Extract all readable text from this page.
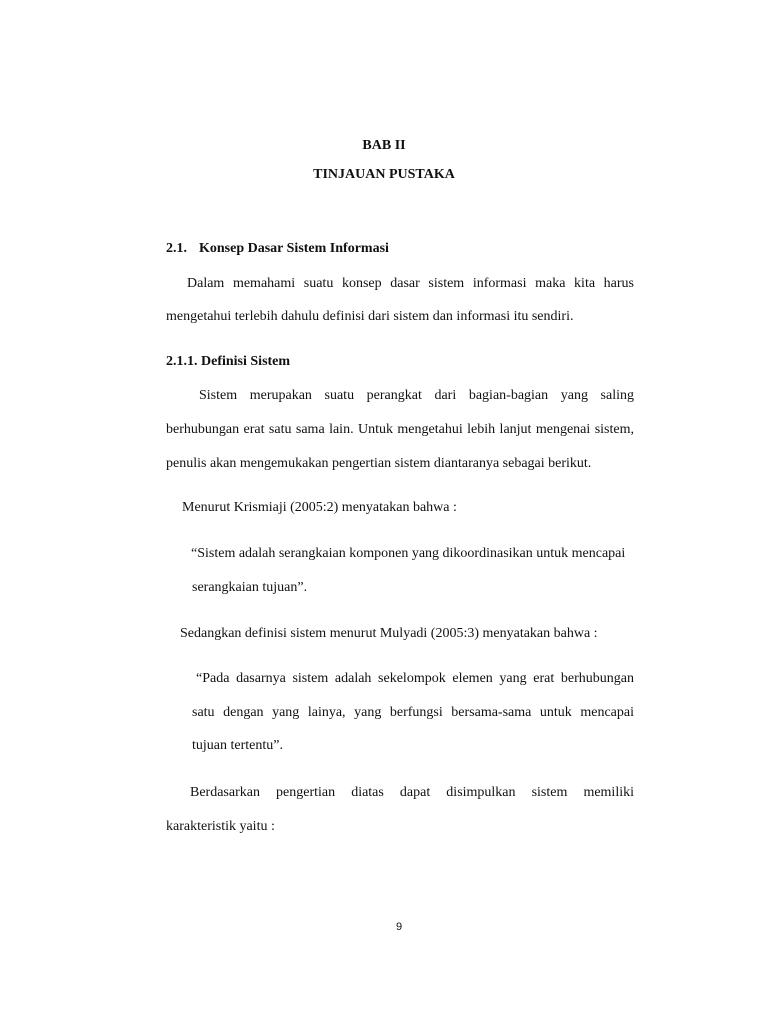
BAB II
TINJAUAN PUSTAKA
2.1. Konsep Dasar Sistem Informasi
Dalam memahami suatu konsep dasar sistem informasi maka kita harus
mengetahui terlebih dahulu definisi dari sistem dan informasi itu sendiri.
2.1.1. Definisi Sistem
Sistem merupakan suatu perangkat dari bagian-bagian yang saling
berhubungan erat satu sama lain. Untuk mengetahui lebih lanjut mengenai sistem,
penulis akan mengemukakan pengertian sistem diantaranya sebagai berikut.
Menurut Krismiaji (2005:2) menyatakan bahwa :
“Sistem adalah serangkaian komponen yang dikoordinasikan untuk mencapai
serangkaian tujuan”.
Sedangkan definisi sistem menurut Mulyadi (2005:3) menyatakan bahwa :
“Pada dasarnya sistem adalah sekelompok elemen yang erat berhubungan
satu dengan yang lainya, yang berfungsi bersama-sama untuk mencapai
tujuan tertentu”.
Berdasarkan pengertian diatas dapat disimpulkan sistem memiliki
karakteristik yaitu :
9
